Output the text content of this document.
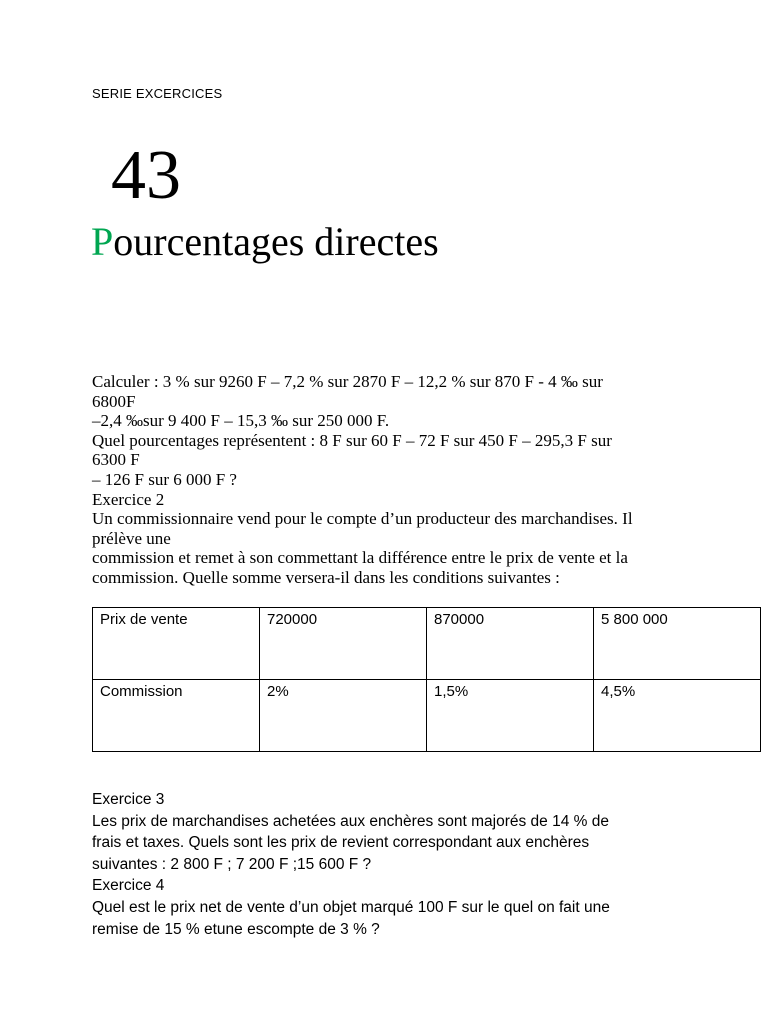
SERIE EXCERCICES
43
Pourcentages directes

Calculer : 3 % sur 9260 F – 7,2 % sur 2870 F – 12,2 % sur 870 F - 4 ‰ sur

6800F

–2,4 ‰sur 9 400 F – 15,3 ‰ sur 250 000 F.

Quel pourcentages représentent : 8 F sur 60 F – 72 F sur 450 F – 295,3 F sur

6300 F

– 126 F sur 6 000 F ?

Exercice 2

Un commissionnaire vend pour le compte d’un producteur des marchandises. Il

prélève une

commission et remet à son commettant la différence entre le prix de vente et la

commission. Quelle somme versera-il dans les conditions suivantes :

Prix de vente	720000	870000	5 800 000
Commission	2%	1,5%	4,5%

Exercice 3

Les prix de marchandises achetées aux enchères sont majorés de 14 % de

frais et taxes. Quels sont les prix de revient correspondant aux enchères

suivantes : 2 800 F ; 7 200 F ;15 600 F ?

Exercice 4

Quel est le prix net de vente d’un objet marqué 100 F sur le quel on fait une

remise de 15 % etune escompte de 3 % ?
